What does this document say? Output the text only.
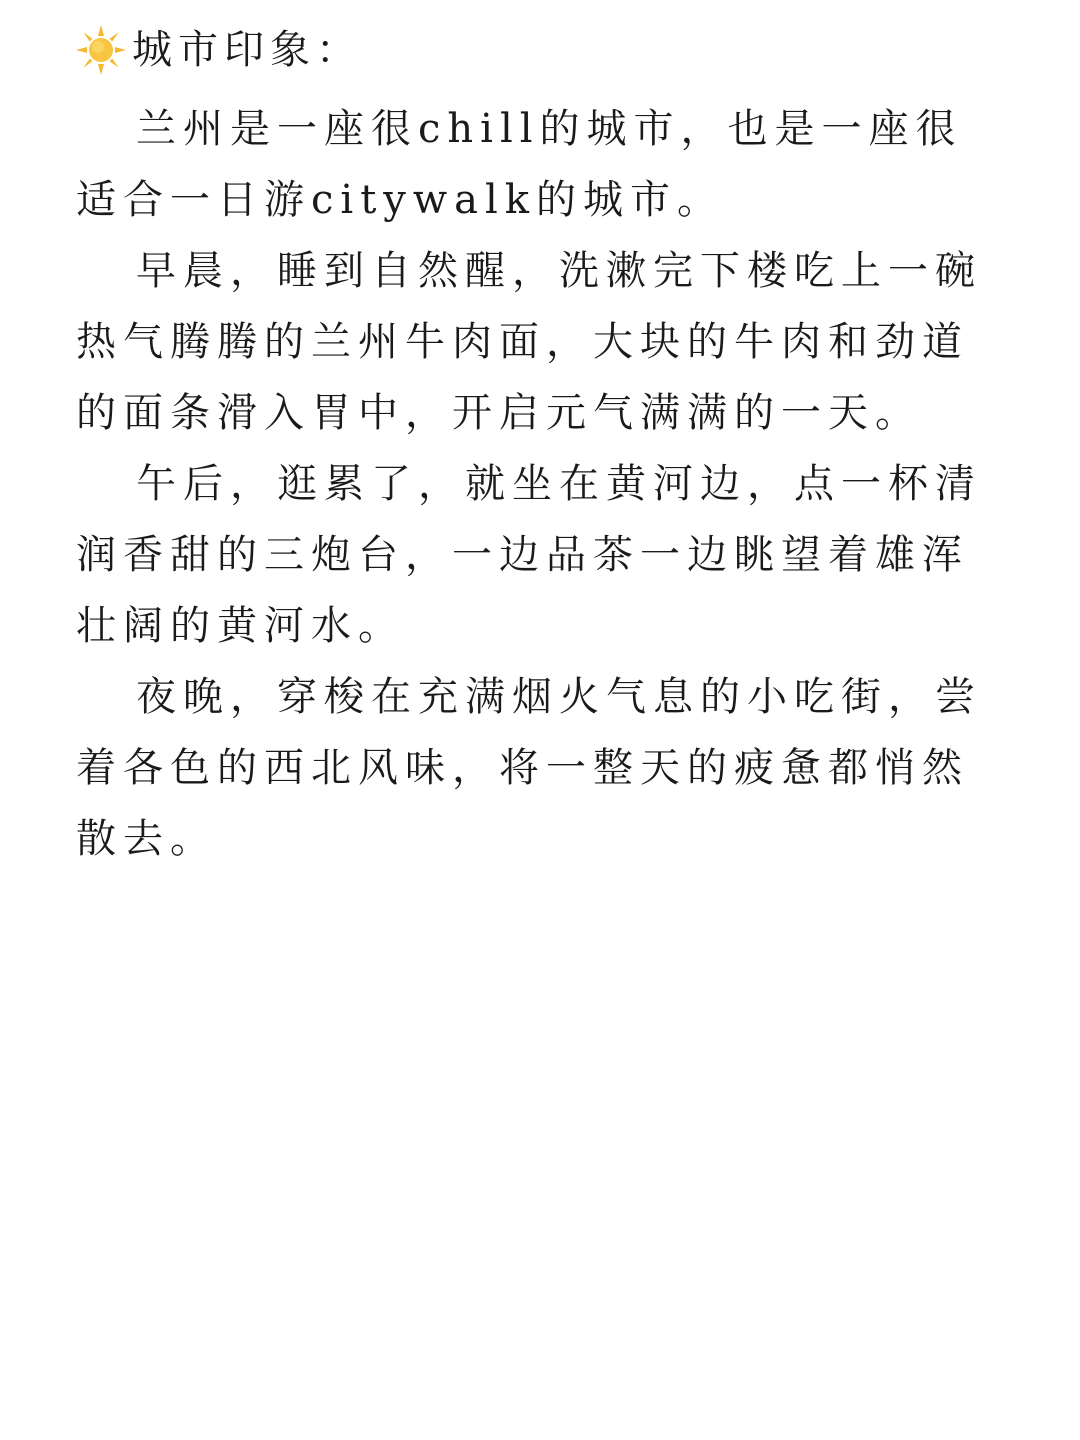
城市印象：

兰州是一座很chill的城市，也是一座很适合一日游citywalk的城市。

早晨，睡到自然醒，洗漱完下楼吃上一碗热气腾腾的兰州牛肉面，大块的牛肉和劲道的面条滑入胃中，开启元气满满的一天。

午后，逛累了，就坐在黄河边，点一杯清润香甜的三炮台，一边品茶一边眺望着雄浑壮阔的黄河水。

夜晚，穿梭在充满烟火气息的小吃街，尝着各色的西北风味，将一整天的疲惫都悄然散去。
